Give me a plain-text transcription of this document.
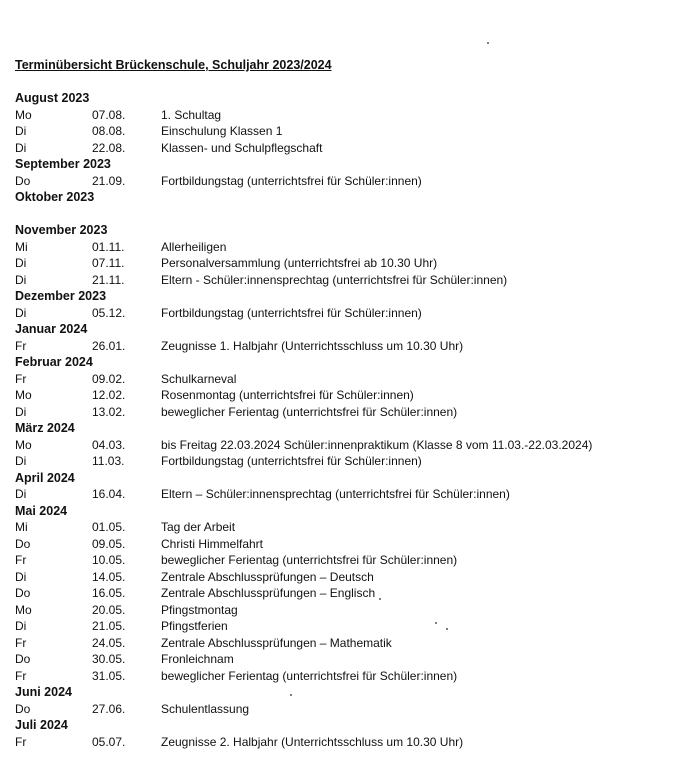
Terminübersicht Brückenschule, Schuljahr 2023/2024
August 2023
Mo	07.08.	1. Schultag
Di	08.08.	Einschulung Klassen 1
Di	22.08.	Klassen- und Schulpflegschaft
September 2023
Do	21.09.	Fortbildungstag (unterrichtsfrei für Schüler:innen)
Oktober 2023
November 2023
Mi	01.11.	Allerheiligen
Di	07.11.	Personalversammlung (unterrichtsfrei ab 10.30 Uhr)
Di	21.11.	Eltern - Schüler:innensprechtag (unterrichtsfrei für Schüler:innen)
Dezember 2023
Di	05.12.	Fortbildungstag (unterrichtsfrei für Schüler:innen)
Januar 2024
Fr	26.01.	Zeugnisse 1. Halbjahr (Unterrichtsschluss um 10.30 Uhr)
Februar 2024
Fr	09.02.	Schulkarneval
Mo	12.02.	Rosenmontag (unterrichtsfrei für Schüler:innen)
Di	13.02.	beweglicher Ferientag (unterrichtsfrei für Schüler:innen)
März 2024
Mo	04.03.	bis Freitag 22.03.2024 Schüler:innenpraktikum (Klasse 8 vom 11.03.-22.03.2024)
Di	11.03.	Fortbildungstag (unterrichtsfrei für Schüler:innen)
April 2024
Di	16.04.	Eltern – Schüler:innensprechtag (unterrichtsfrei für Schüler:innen)
Mai 2024
Mi	01.05.	Tag der Arbeit
Do	09.05.	Christi Himmelfahrt
Fr	10.05.	beweglicher Ferientag (unterrichtsfrei für Schüler:innen)
Di	14.05.	Zentrale Abschlussprüfungen – Deutsch
Do	16.05.	Zentrale Abschlussprüfungen – Englisch
Mo	20.05.	Pfingstmontag
Di	21.05.	Pfingstferien
Fr	24.05.	Zentrale Abschlussprüfungen – Mathematik
Do	30.05.	Fronleichnam
Fr	31.05.	beweglicher Ferientag (unterrichtsfrei für Schüler:innen)
Juni 2024
Do	27.06.	Schulentlassung
Juli 2024
Fr	05.07.	Zeugnisse 2. Halbjahr (Unterrichtsschluss um 10.30 Uhr)
